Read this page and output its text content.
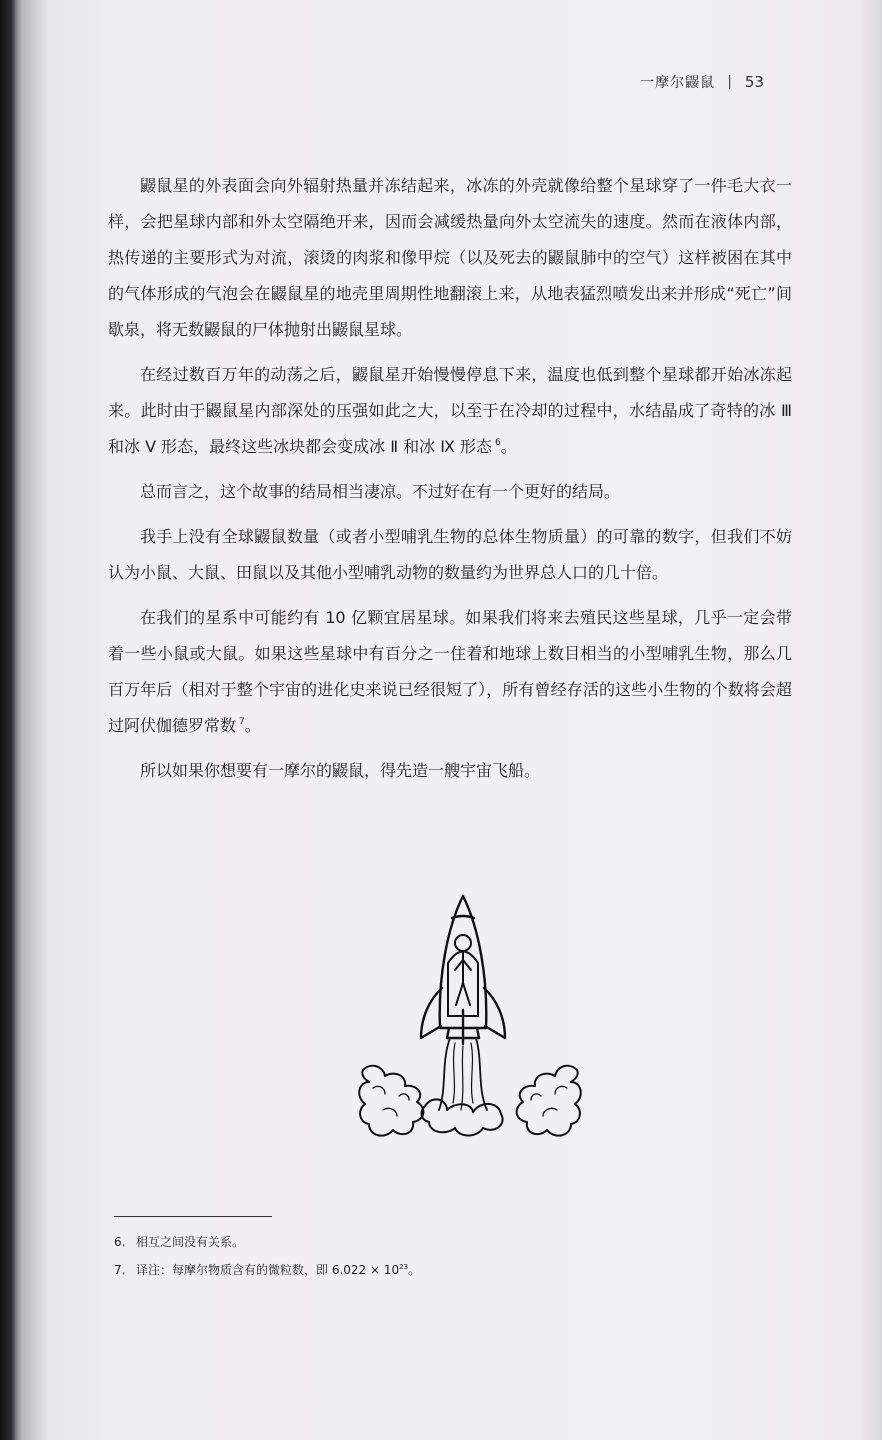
一摩尔鼹鼠 | 53

鼹鼠星的外表面会向外辐射热量并冻结起来，冰冻的外壳就像给整个星球穿了一件毛大衣一样，会把星球内部和外太空隔绝开来，因而会减缓热量向外太空流失的速度。然而在液体内部，热传递的主要形式为对流，滚烫的肉浆和像甲烷（以及死去的鼹鼠肺中的空气）这样被困在其中的气体形成的气泡会在鼹鼠星的地壳里周期性地翻滚上来，从地表猛烈喷发出来并形成“死亡”间歇泉，将无数鼹鼠的尸体抛射出鼹鼠星球。

在经过数百万年的动荡之后，鼹鼠星开始慢慢停息下来，温度也低到整个星球都开始冰冻起来。此时由于鼹鼠星内部深处的压强如此之大，以至于在冷却的过程中，水结晶成了奇特的冰 Ⅲ 和冰 Ⅴ 形态，最终这些冰块都会变成冰 Ⅱ 和冰 Ⅸ 形态 $^6$。

总而言之，这个故事的结局相当凄凉。不过好在有一个更好的结局。

我手上没有全球鼹鼠数量（或者小型哺乳生物的总体生物质量）的可靠的数字，但我们不妨认为小鼠、大鼠、田鼠以及其他小型哺乳动物的数量约为世界总人口的几十倍。

在我们的星系中可能约有 10 亿颗宜居星球。如果我们将来去殖民这些星球，几乎一定会带着一些小鼠或大鼠。如果这些星球中有百分之一住着和地球上数目相当的小型哺乳生物，那么几百万年后（相对于整个宇宙的进化史来说已经很短了），所有曾经存活的这些小生物的个数将会超过阿伏伽德罗常数 $^7$。

所以如果你想要有一摩尔的鼹鼠，得先造一艘宇宙飞船。

6. 相互之间没有关系。
7. 译注：每摩尔物质含有的微粒数，即 $6.022 \times 10^{23}$。
